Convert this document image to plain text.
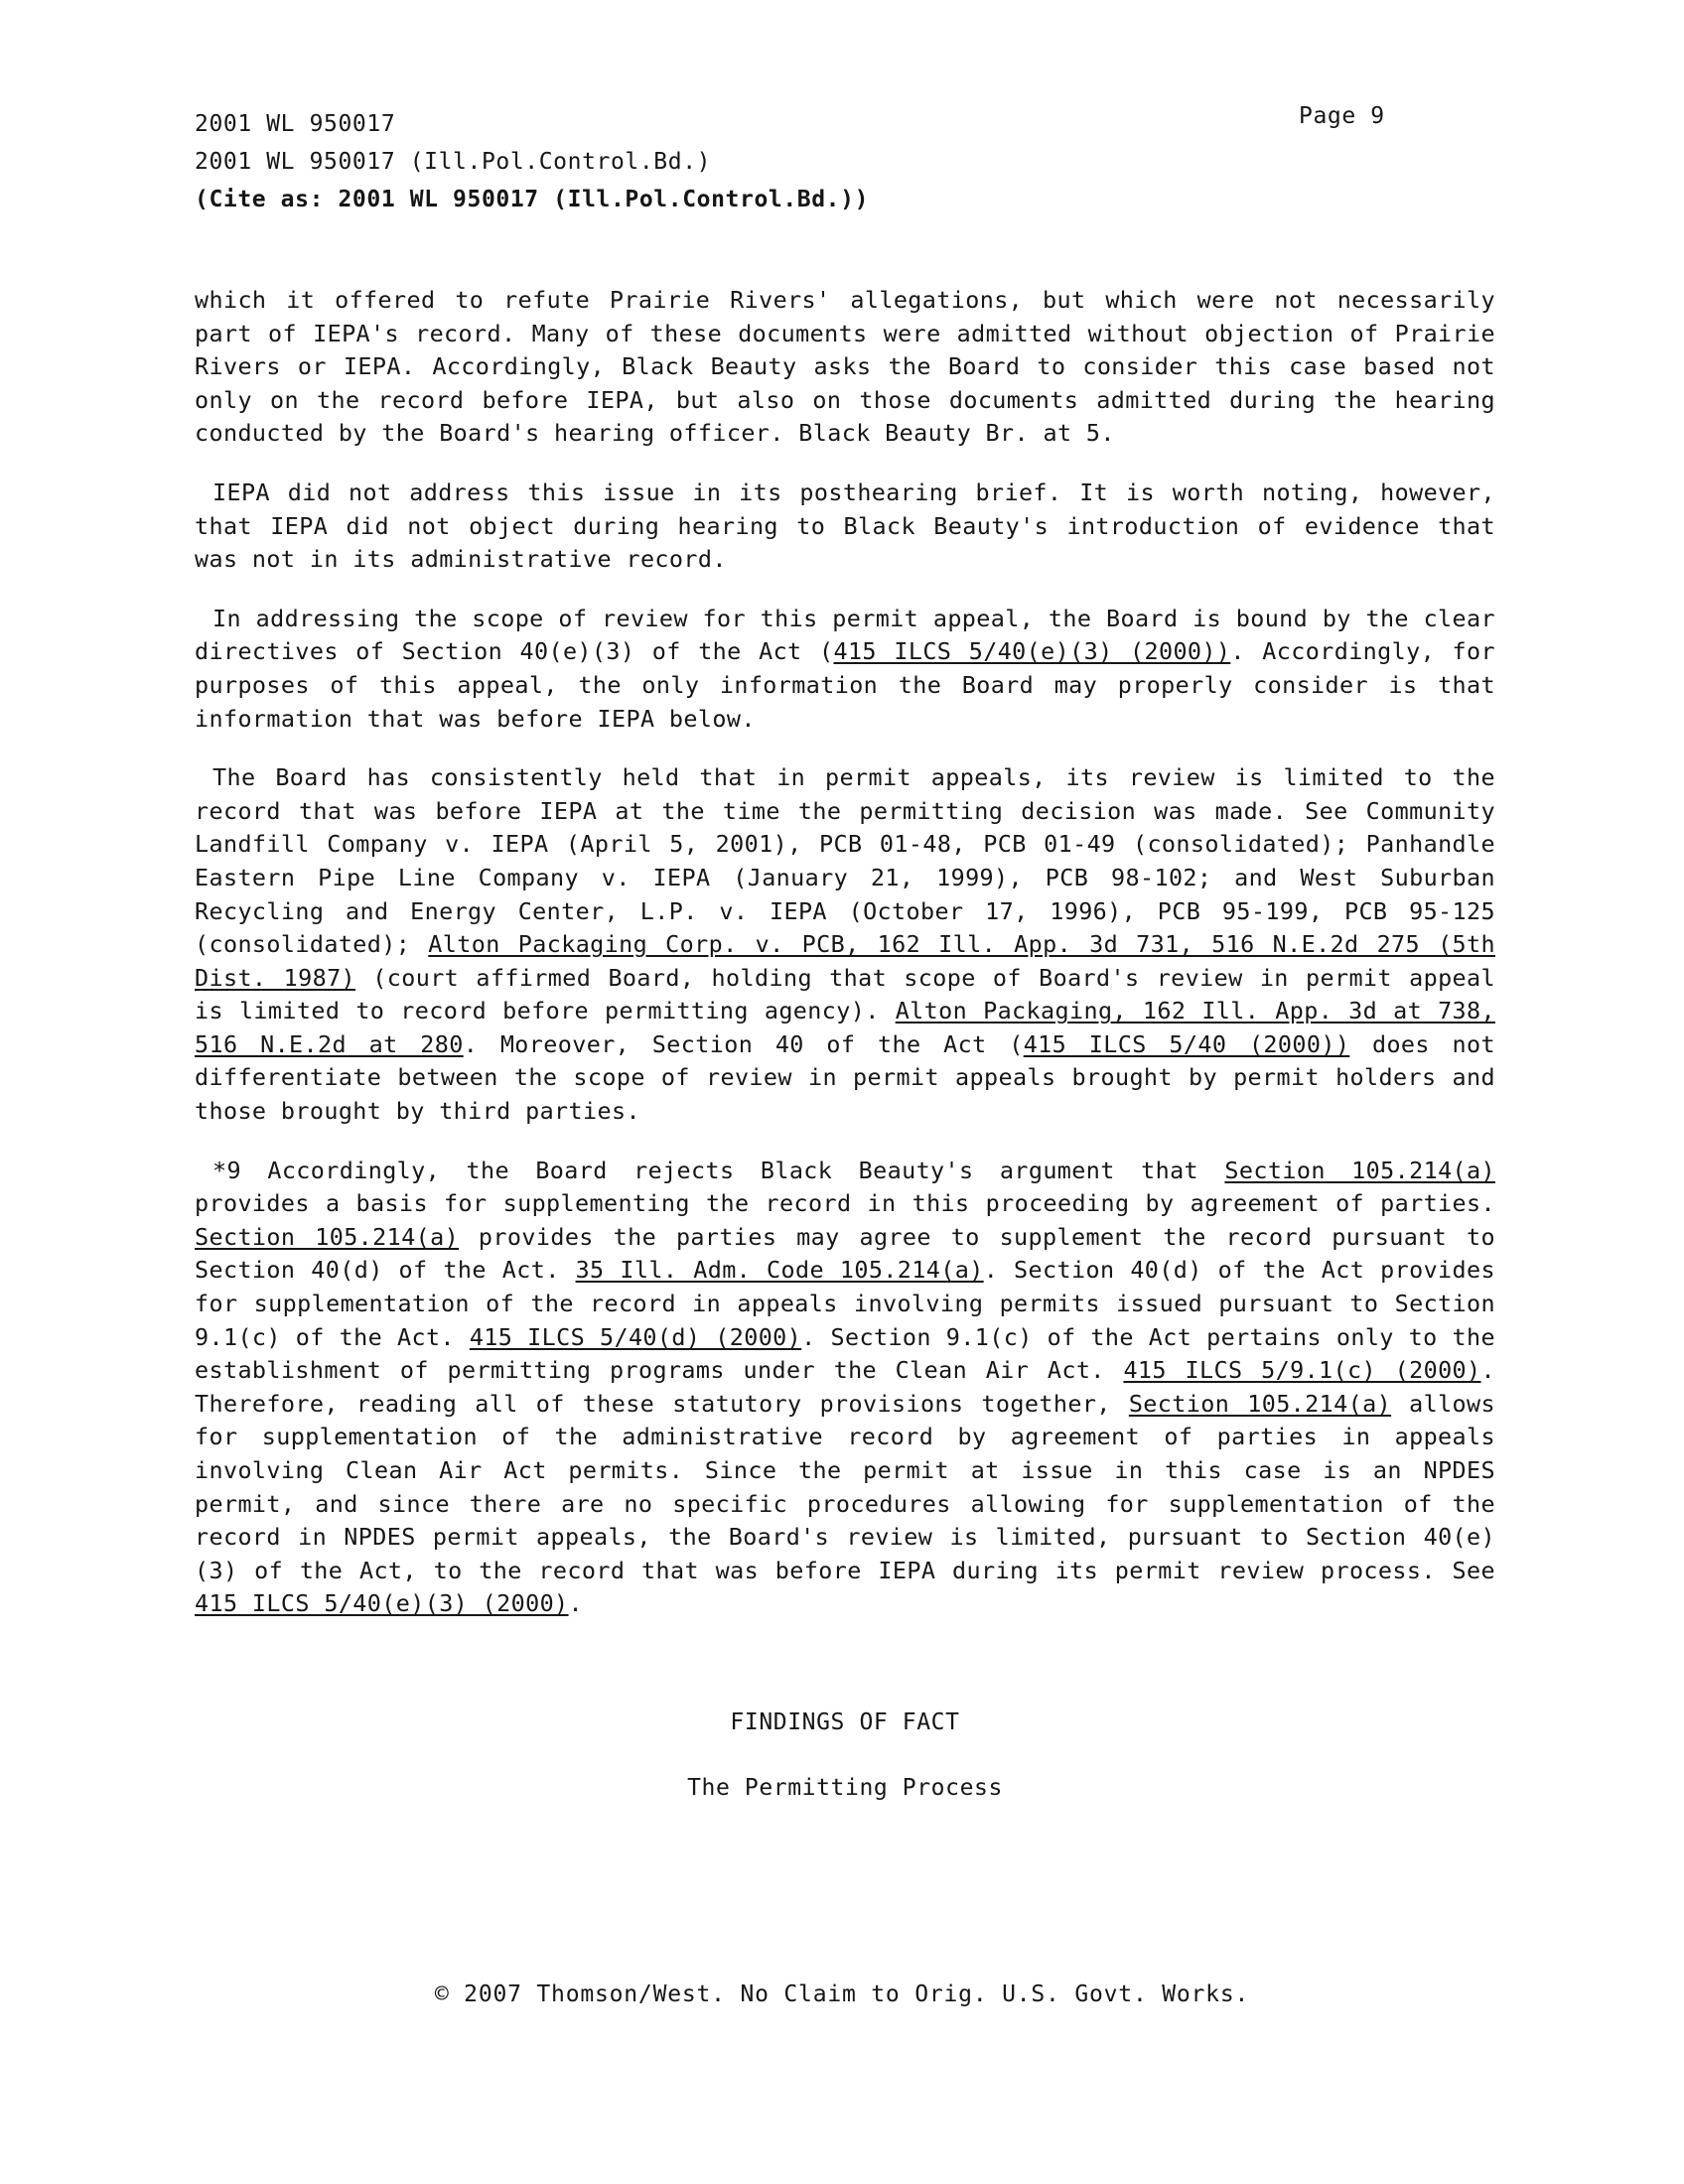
2001 WL 950017
2001 WL 950017 (Ill.Pol.Control.Bd.)
(Cite as: 2001 WL 950017 (Ill.Pol.Control.Bd.))
Page 9

which it offered to refute Prairie Rivers' allegations, but which were not necessarily part of IEPA's record. Many of these documents were admitted without objection of Prairie Rivers or IEPA. Accordingly, Black Beauty asks the Board to consider this case based not only on the record before IEPA, but also on those documents admitted during the hearing conducted by the Board's hearing officer. Black Beauty Br. at 5.

IEPA did not address this issue in its posthearing brief. It is worth noting, however, that IEPA did not object during hearing to Black Beauty's introduction of evidence that was not in its administrative record.

In addressing the scope of review for this permit appeal, the Board is bound by the clear directives of Section 40(e)(3) of the Act (415 ILCS 5/40(e)(3) (2000)). Accordingly, for purposes of this appeal, the only information the Board may properly consider is that information that was before IEPA below.

The Board has consistently held that in permit appeals, its review is limited to the record that was before IEPA at the time the permitting decision was made. See Community Landfill Company v. IEPA (April 5, 2001), PCB 01-48, PCB 01-49 (consolidated); Panhandle Eastern Pipe Line Company v. IEPA (January 21, 1999), PCB 98-102; and West Suburban Recycling and Energy Center, L.P. v. IEPA (October 17, 1996), PCB 95-199, PCB 95-125 (consolidated); Alton Packaging Corp. v. PCB, 162 Ill. App. 3d 731, 516 N.E.2d 275 (5th Dist. 1987) (court affirmed Board, holding that scope of Board's review in permit appeal is limited to record before permitting agency). Alton Packaging, 162 Ill. App. 3d at 738, 516 N.E.2d at 280. Moreover, Section 40 of the Act (415 ILCS 5/40 (2000)) does not differentiate between the scope of review in permit appeals brought by permit holders and those brought by third parties.

*9 Accordingly, the Board rejects Black Beauty's argument that Section 105.214(a) provides a basis for supplementing the record in this proceeding by agreement of parties. Section 105.214(a) provides the parties may agree to supplement the record pursuant to Section 40(d) of the Act. 35 Ill. Adm. Code 105.214(a). Section 40(d) of the Act provides for supplementation of the record in appeals involving permits issued pursuant to Section 9.1(c) of the Act. 415 ILCS 5/40(d) (2000). Section 9.1(c) of the Act pertains only to the establishment of permitting programs under the Clean Air Act. 415 ILCS 5/9.1(c) (2000). Therefore, reading all of these statutory provisions together, Section 105.214(a) allows for supplementation of the administrative record by agreement of parties in appeals involving Clean Air Act permits. Since the permit at issue in this case is an NPDES permit, and since there are no specific procedures allowing for supplementation of the record in NPDES permit appeals, the Board's review is limited, pursuant to Section 40(e)(3) of the Act, to the record that was before IEPA during its permit review process. See 415 ILCS 5/40(e)(3) (2000).

FINDINGS OF FACT
The Permitting Process
© 2007 Thomson/West. No Claim to Orig. U.S. Govt. Works.
